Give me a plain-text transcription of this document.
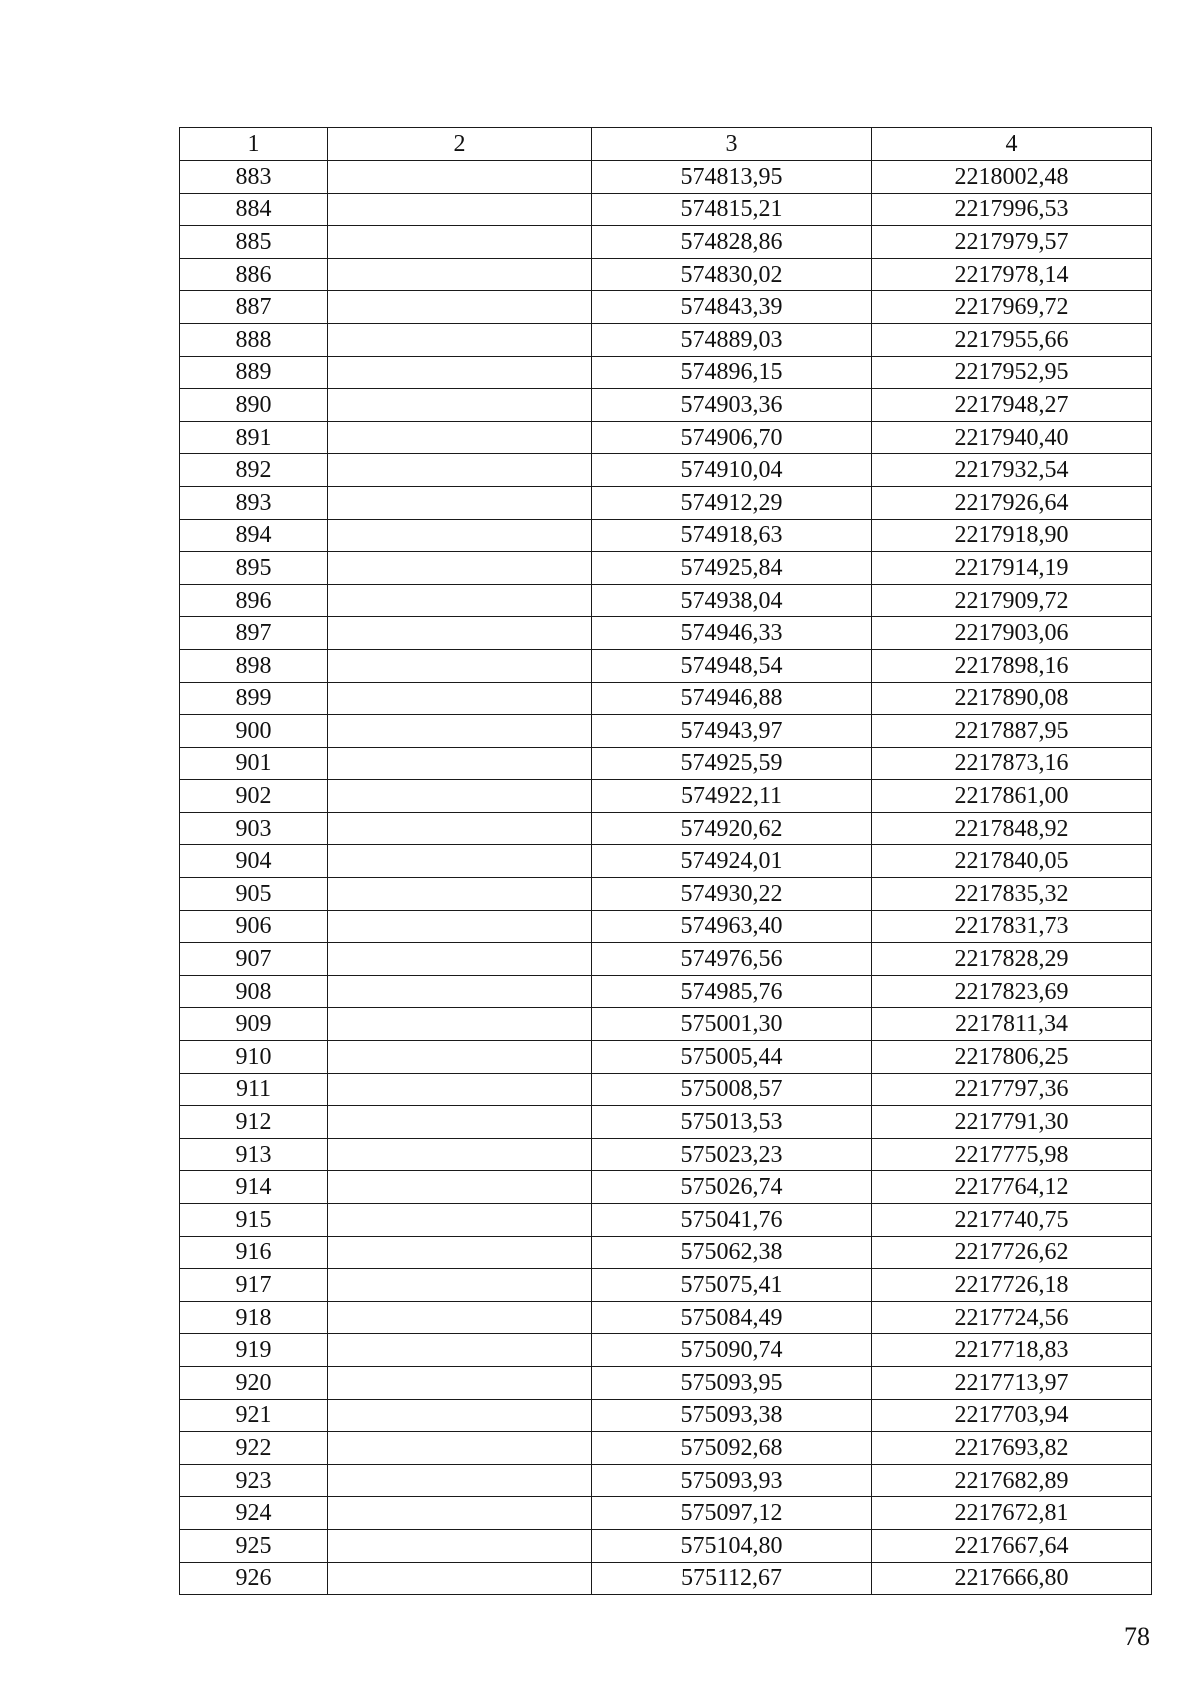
1	2	3	4
883		574813,95	2218002,48
884		574815,21	2217996,53
885		574828,86	2217979,57
886		574830,02	2217978,14
887		574843,39	2217969,72
888		574889,03	2217955,66
889		574896,15	2217952,95
890		574903,36	2217948,27
891		574906,70	2217940,40
892		574910,04	2217932,54
893		574912,29	2217926,64
894		574918,63	2217918,90
895		574925,84	2217914,19
896		574938,04	2217909,72
897		574946,33	2217903,06
898		574948,54	2217898,16
899		574946,88	2217890,08
900		574943,97	2217887,95
901		574925,59	2217873,16
902		574922,11	2217861,00
903		574920,62	2217848,92
904		574924,01	2217840,05
905		574930,22	2217835,32
906		574963,40	2217831,73
907		574976,56	2217828,29
908		574985,76	2217823,69
909		575001,30	2217811,34
910		575005,44	2217806,25
911		575008,57	2217797,36
912		575013,53	2217791,30
913		575023,23	2217775,98
914		575026,74	2217764,12
915		575041,76	2217740,75
916		575062,38	2217726,62
917		575075,41	2217726,18
918		575084,49	2217724,56
919		575090,74	2217718,83
920		575093,95	2217713,97
921		575093,38	2217703,94
922		575092,68	2217693,82
923		575093,93	2217682,89
924		575097,12	2217672,81
925		575104,80	2217667,64
926		575112,67	2217666,80
78
